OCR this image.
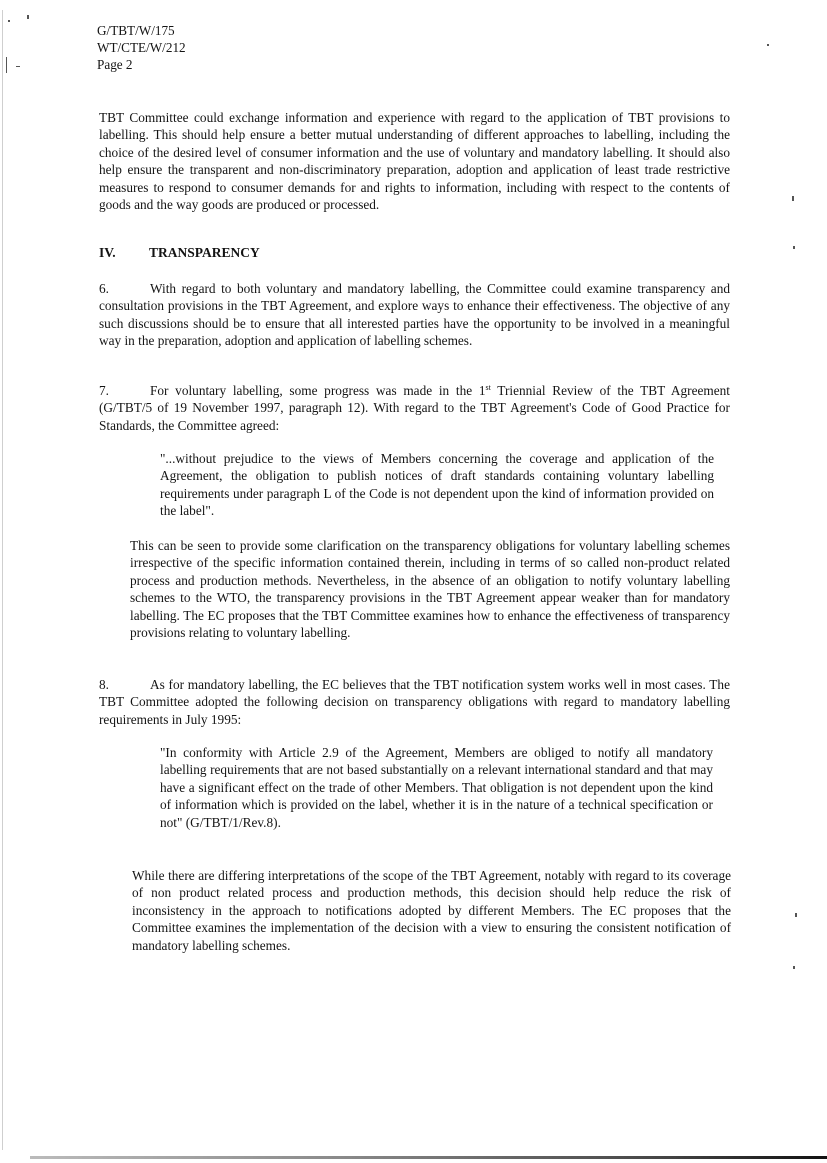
G/TBT/W/175
WT/CTE/W/212
Page 2
TBT Committee could exchange information and experience with regard to the application of TBT provisions to labelling. This should help ensure a better mutual understanding of different approaches to labelling, including the choice of the desired level of consumer information and the use of voluntary and mandatory labelling. It should also help ensure the transparent and non-discriminatory preparation, adoption and application of least trade restrictive measures to respond to consumer demands for and rights to information, including with respect to the contents of goods and the way goods are produced or processed.
IV. TRANSPARENCY
6.	With regard to both voluntary and mandatory labelling, the Committee could examine transparency and consultation provisions in the TBT Agreement, and explore ways to enhance their effectiveness. The objective of any such discussions should be to ensure that all interested parties have the opportunity to be involved in a meaningful way in the preparation, adoption and application of labelling schemes.
7.	For voluntary labelling, some progress was made in the 1st Triennial Review of the TBT Agreement (G/TBT/5 of 19 November 1997, paragraph 12). With regard to the TBT Agreement's Code of Good Practice for Standards, the Committee agreed:
"...without prejudice to the views of Members concerning the coverage and application of the Agreement, the obligation to publish notices of draft standards containing voluntary labelling requirements under paragraph L of the Code is not dependent upon the kind of information provided on the label".
This can be seen to provide some clarification on the transparency obligations for voluntary labelling schemes irrespective of the specific information contained therein, including in terms of so called non-product related process and production methods. Nevertheless, in the absence of an obligation to notify voluntary labelling schemes to the WTO, the transparency provisions in the TBT Agreement appear weaker than for mandatory labelling. The EC proposes that the TBT Committee examines how to enhance the effectiveness of transparency provisions relating to voluntary labelling.
8.	As for mandatory labelling, the EC believes that the TBT notification system works well in most cases. The TBT Committee adopted the following decision on transparency obligations with regard to mandatory labelling requirements in July 1995:
"In conformity with Article 2.9 of the Agreement, Members are obliged to notify all mandatory labelling requirements that are not based substantially on a relevant international standard and that may have a significant effect on the trade of other Members. That obligation is not dependent upon the kind of information which is provided on the label, whether it is in the nature of a technical specification or not" (G/TBT/1/Rev.8).
While there are differing interpretations of the scope of the TBT Agreement, notably with regard to its coverage of non product related process and production methods, this decision should help reduce the risk of inconsistency in the approach to notifications adopted by different Members. The EC proposes that the Committee examines the implementation of the decision with a view to ensuring the consistent notification of mandatory labelling schemes.
